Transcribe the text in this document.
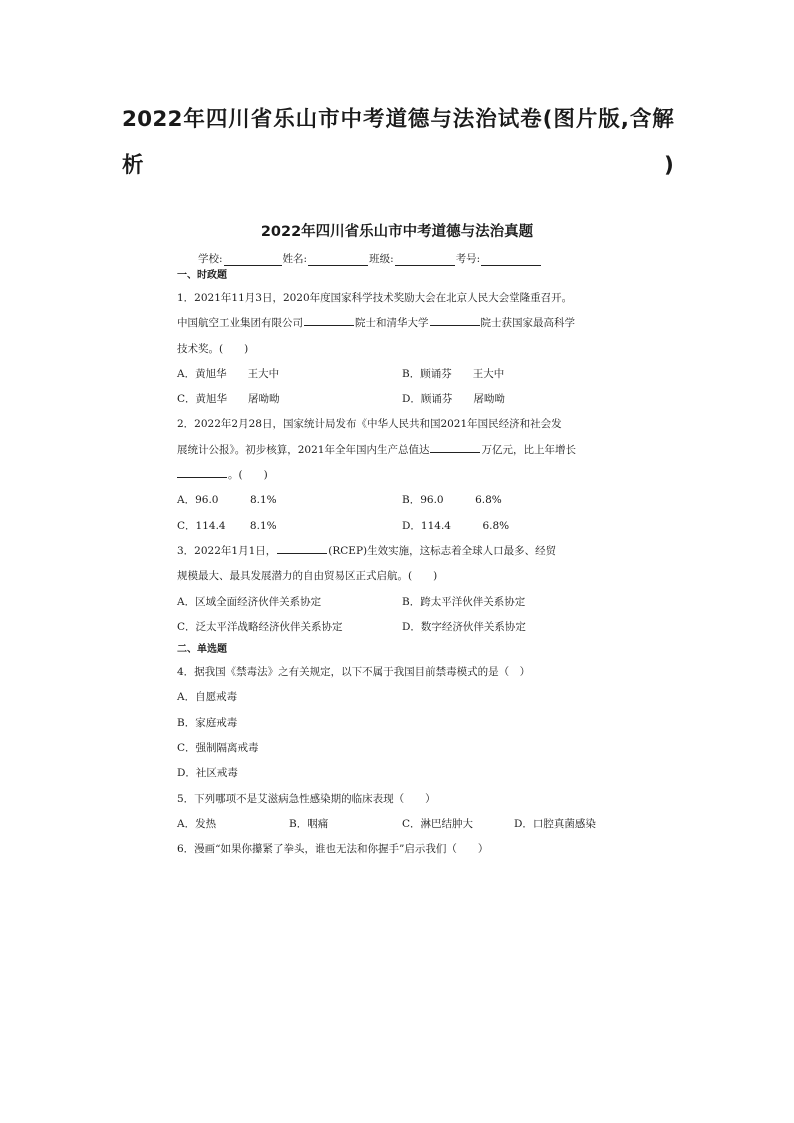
2022年四川省乐山市中考道德与法治试卷(图片版,含解析)
2022年四川省乐山市中考道德与法治真题
学校:	姓名:	班级:	考号:
一、时政题
1．2021年11月3日，2020年度国家科学技术奖励大会在北京人民大会堂隆重召开。
中国航空工业集团有限公司	院士和清华大学	院士获国家最高科学
技术奖。(　　)
A．黄旭华　　王大中	B．顾诵芬　　王大中
C．黄旭华　　屠呦呦	D．顾诵芬　　屠呦呦
2．2022年2月28日，国家统计局发布《中华人民共和国2021年国民经济和社会发
展统计公报》。初步核算，2021年全年国内生产总值达	万亿元，比上年增长
。(　　)
A．96.0　　　8.1%	B．96.0　　　6.8%
C．114.4　　 8.1%	D．114.4　　　6.8%
3．2022年1月1日，	(RCEP)生效实施，这标志着全球人口最多、经贸
规模最大、最具发展潜力的自由贸易区正式启航。(　　)
A．区域全面经济伙伴关系协定	B．跨太平洋伙伴关系协定
C．泛太平洋战略经济伙伴关系协定	D．数字经济伙伴关系协定
二、单选题
4．据我国《禁毒法》之有关规定，以下不属于我国目前禁毒模式的是（　）
A．自愿戒毒
B．家庭戒毒
C．强制隔离戒毒
D．社区戒毒
5．下列哪项不是艾滋病急性感染期的临床表现（　　）
A．发热	B．咽痛	C．淋巴结肿大	D．口腔真菌感染
6．漫画“如果你攥紧了拳头，谁也无法和你握手”启示我们（　　）
